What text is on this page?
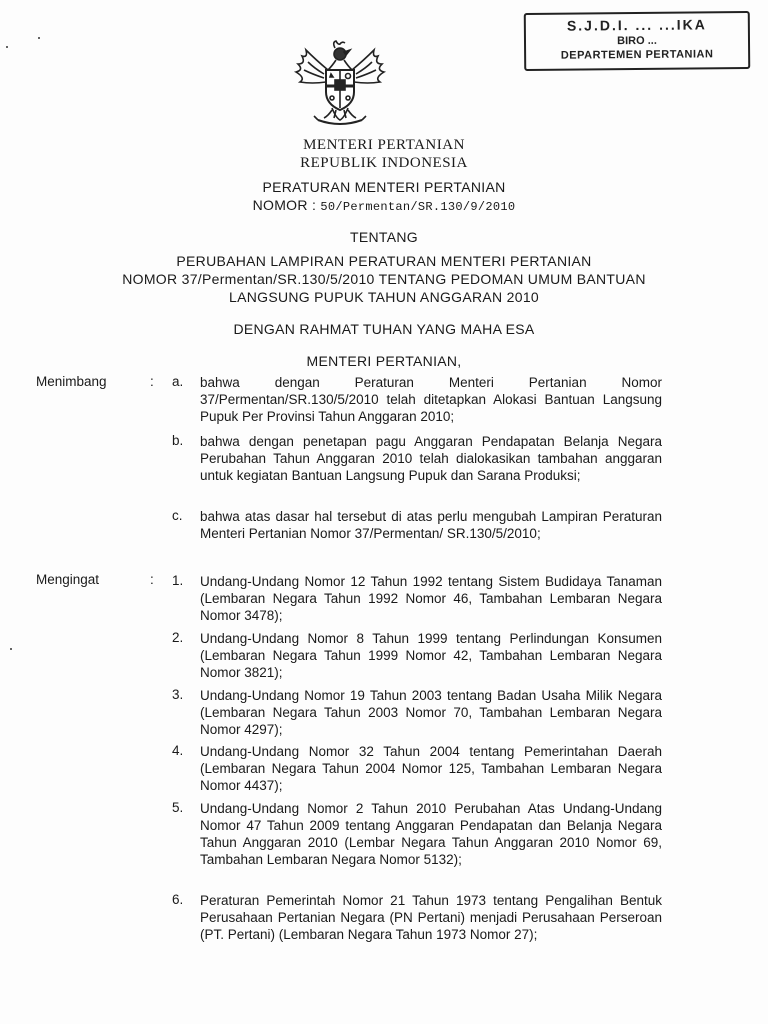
S.J.D.I. ... ...IKA
BIRO ...
DEPARTEMEN PERTANIAN
MENTERI PERTANIAN
REPUBLIK INDONESIA
PERATURAN MENTERI PERTANIAN
NOMOR : 50/Permentan/SR.130/9/2010
TENTANG
PERUBAHAN LAMPIRAN PERATURAN MENTERI PERTANIAN
NOMOR 37/Permentan/SR.130/5/2010 TENTANG PEDOMAN UMUM BANTUAN
LANGSUNG PUPUK TAHUN ANGGARAN 2010
DENGAN RAHMAT TUHAN YANG MAHA ESA
MENTERI PERTANIAN,
Menimbang	: a. bahwa dengan Peraturan Menteri Pertanian Nomor 37/Permentan/SR.130/5/2010 telah ditetapkan Alokasi Bantuan Langsung Pupuk Per Provinsi Tahun Anggaran 2010;
b. bahwa dengan penetapan pagu Anggaran Pendapatan Belanja Negara Perubahan Tahun Anggaran 2010 telah dialokasikan tambahan anggaran untuk kegiatan Bantuan Langsung Pupuk dan Sarana Produksi;
c. bahwa atas dasar hal tersebut di atas perlu mengubah Lampiran Peraturan Menteri Pertanian Nomor 37/Permentan/ SR.130/5/2010;
Mengingat	: 1. Undang-Undang Nomor 12 Tahun 1992 tentang Sistem Budidaya Tanaman (Lembaran Negara Tahun 1992 Nomor 46, Tambahan Lembaran Negara Nomor 3478);
2. Undang-Undang Nomor 8 Tahun 1999 tentang Perlindungan Konsumen (Lembaran Negara Tahun 1999 Nomor 42, Tambahan Lembaran Negara Nomor 3821);
3. Undang-Undang Nomor 19 Tahun 2003 tentang Badan Usaha Milik Negara (Lembaran Negara Tahun 2003 Nomor 70, Tambahan Lembaran Negara Nomor 4297);
4. Undang-Undang Nomor 32 Tahun 2004 tentang Pemerintahan Daerah (Lembaran Negara Tahun 2004 Nomor 125, Tambahan Lembaran Negara Nomor 4437);
5. Undang-Undang Nomor 2 Tahun 2010 Perubahan Atas Undang-Undang Nomor 47 Tahun 2009 tentang Anggaran Pendapatan dan Belanja Negara Tahun Anggaran 2010 (Lembar Negara Tahun Anggaran 2010 Nomor 69, Tambahan Lembaran Negara Nomor 5132);
6. Peraturan Pemerintah Nomor 21 Tahun 1973 tentang Pengalihan Bentuk Perusahaan Pertanian Negara (PN Pertani) menjadi Perusahaan Perseroan (PT. Pertani) (Lembaran Negara Tahun 1973 Nomor 27);
